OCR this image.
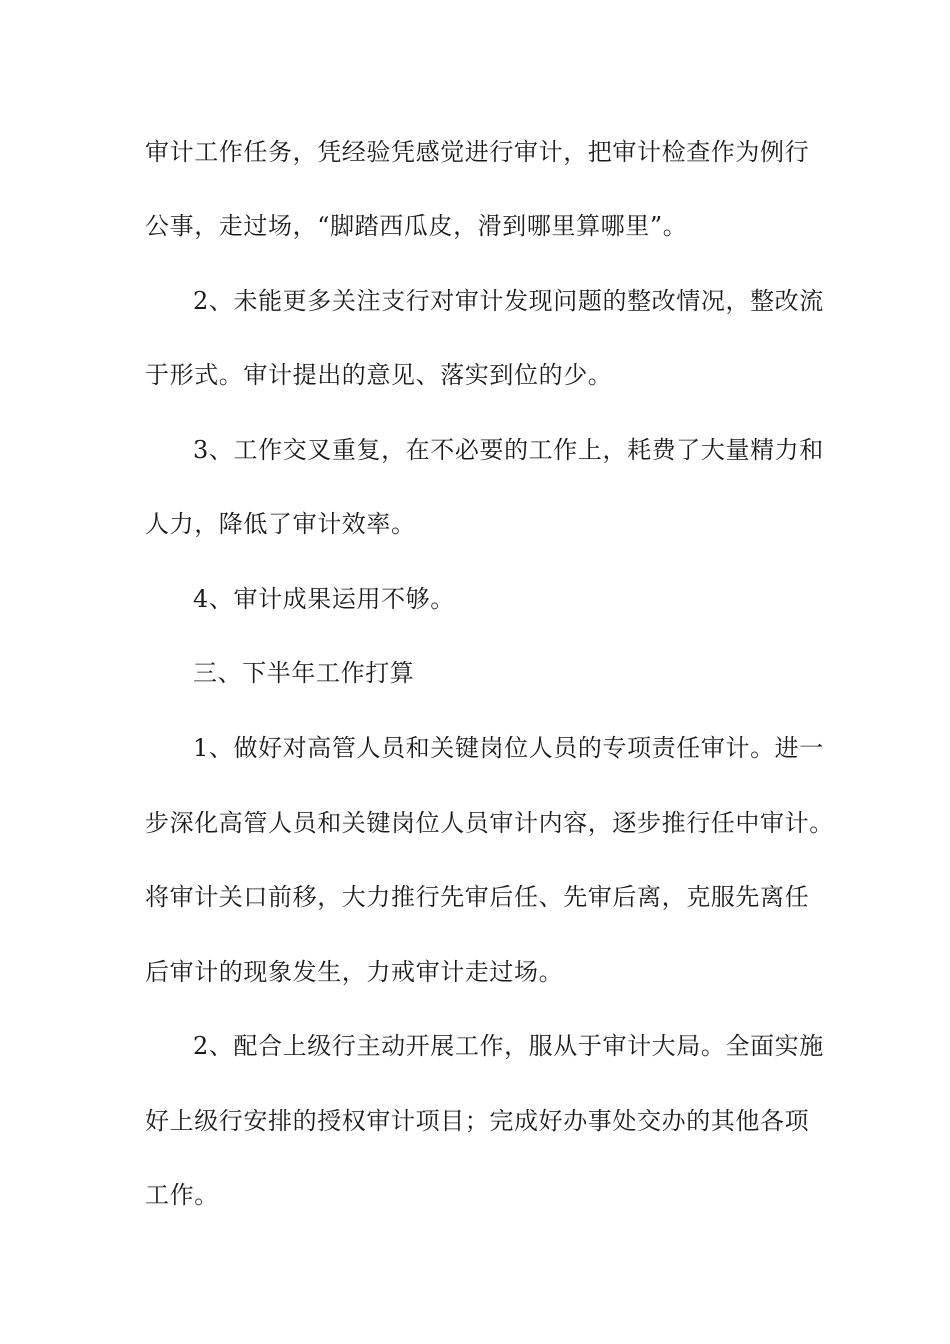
审计工作任务，凭经验凭感觉进行审计，把审计检查作为例行

公事，走过场，“脚踏西瓜皮，滑到哪里算哪里”。

2、未能更多关注支行对审计发现问题的整改情况，整改流

于形式。审计提出的意见、落实到位的少。

3、工作交叉重复，在不必要的工作上，耗费了大量精力和

人力，降低了审计效率。

4、审计成果运用不够。

三、下半年工作打算

1、做好对高管人员和关键岗位人员的专项责任审计。进一

步深化高管人员和关键岗位人员审计内容，逐步推行任中审计。

将审计关口前移，大力推行先审后任、先审后离，克服先离任

后审计的现象发生，力戒审计走过场。

2、配合上级行主动开展工作，服从于审计大局。全面实施

好上级行安排的授权审计项目；完成好办事处交办的其他各项

工作。
